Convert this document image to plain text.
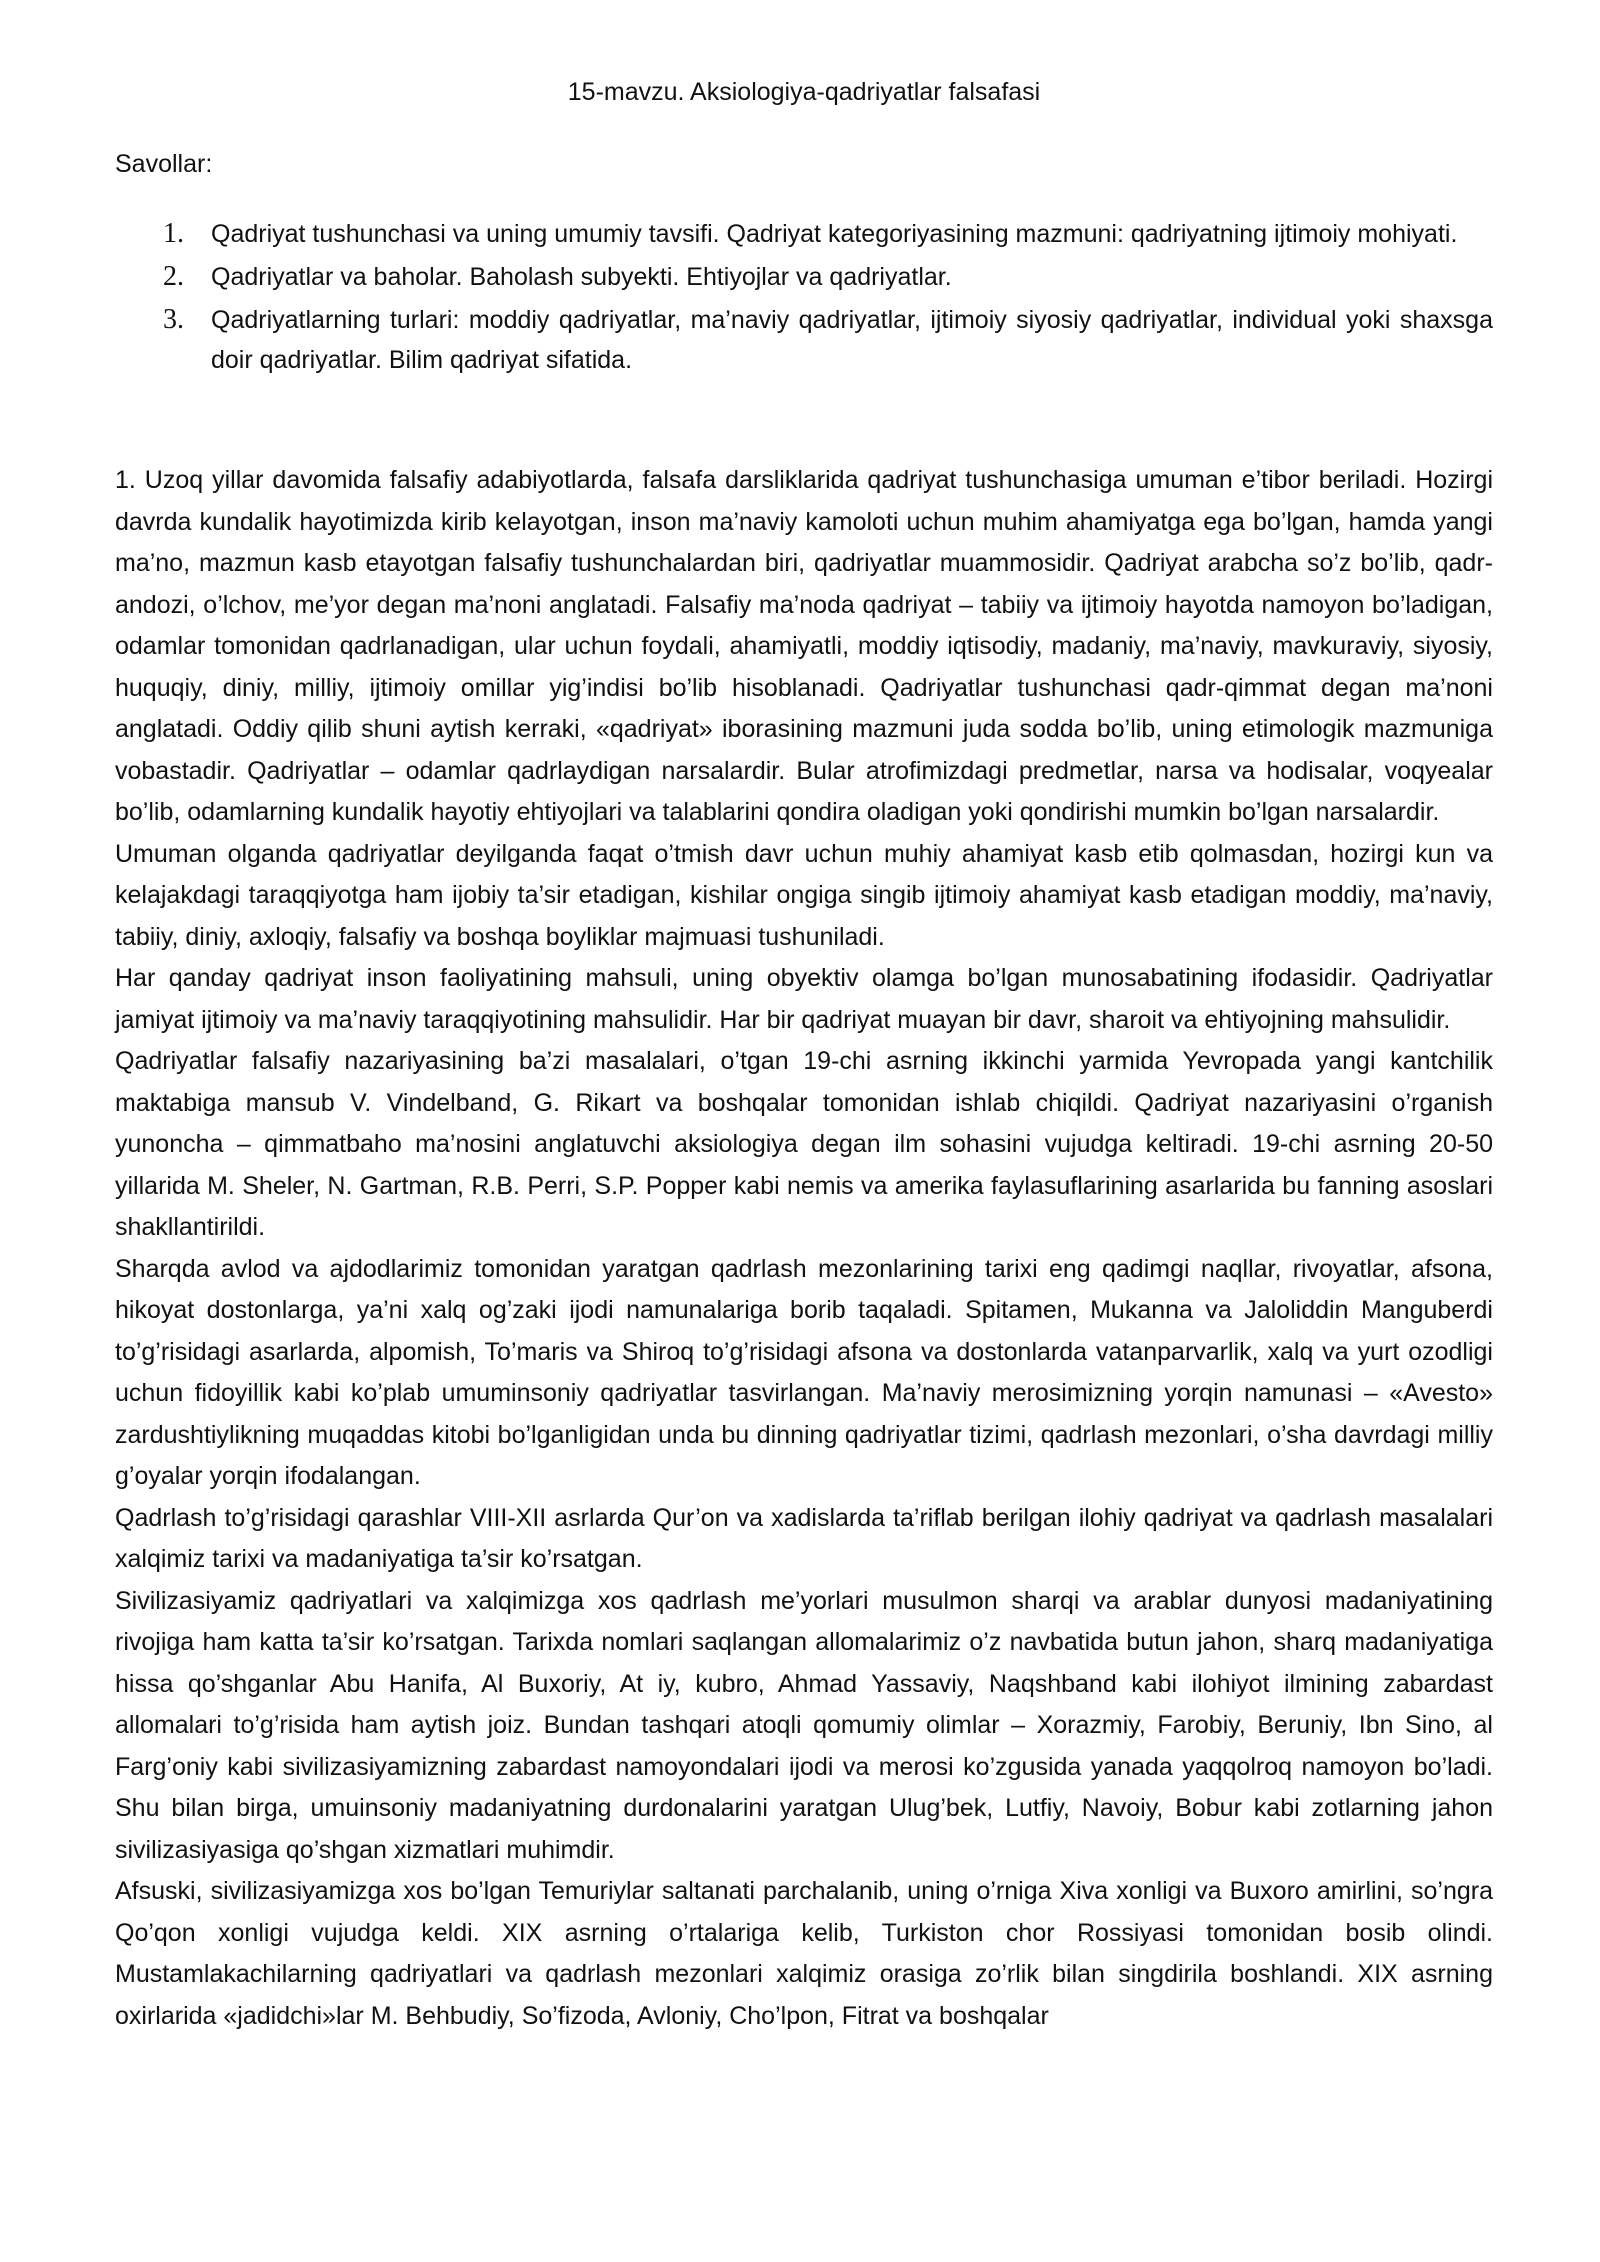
15-mavzu. Aksiologiya-qadriyatlar falsafasi
Savollar:
1. Qadriyat tushunchasi va uning umumiy tavsifi. Qadriyat kategoriyasining mazmuni: qadriyatning ijtimoiy mohiyati.
2. Qadriyatlar va baholar. Baholash subyekti. Ehtiyojlar va qadriyatlar.
3. Qadriyatlarning turlari: moddiy qadriyatlar, ma’naviy qadriyatlar, ijtimoiy siyosiy qadriyatlar, individual yoki shaxsga doir qadriyatlar. Bilim qadriyat sifatida.

1. Uzoq yillar davomida falsafiy adabiyotlarda, falsafa darsliklarida qadriyat tushunchasiga umuman e’tibor beriladi. Hozirgi davrda kundalik hayotimizda kirib kelayotgan, inson ma’naviy kamoloti uchun muhim ahamiyatga ega bo’lgan, hamda yangi ma’no, mazmun kasb etayotgan falsafiy tushunchalardan biri, qadriyatlar muammosidir. Qadriyat arabcha so’z bo’lib, qadr-andozi, o’lchov, me’yor degan ma’noni anglatadi. Falsafiy ma’noda qadriyat – tabiiy va ijtimoiy hayotda namoyon bo’ladigan, odamlar tomonidan qadrlanadigan, ular uchun foydali, ahamiyatli, moddiy iqtisodiy, madaniy, ma’naviy, mavkuraviy, siyosiy, huquqiy, diniy, milliy, ijtimoiy omillar yig’indisi bo’lib hisoblanadi. Qadriyatlar tushunchasi qadr-qimmat degan ma’noni anglatadi. Oddiy qilib shuni aytish kerraki, «qadriyat» iborasining mazmuni juda sodda bo’lib, uning etimologik mazmuniga vobastadir. Qadriyatlar – odamlar qadrlaydigan narsalardir. Bular atrofimizdagi predmetlar, narsa va hodisalar, voqyealar bo’lib, odamlarning kundalik hayotiy ehtiyojlari va talablarini qondira oladigan yoki qondirishi mumkin bo’lgan narsalardir.

Umuman olganda qadriyatlar deyilganda faqat o’tmish davr uchun muhiy ahamiyat kasb etib qolmasdan, hozirgi kun va kelajakdagi taraqqiyotga ham ijobiy ta’sir etadigan, kishilar ongiga singib ijtimoiy ahamiyat kasb etadigan moddiy, ma’naviy, tabiiy, diniy, axloqiy, falsafiy va boshqa boyliklar majmuasi tushuniladi.

Har qanday qadriyat inson faoliyatining mahsuli, uning obyektiv olamga bo’lgan munosabatining ifodasidir. Qadriyatlar jamiyat ijtimoiy va ma’naviy taraqqiyotining mahsulidir. Har bir qadriyat muayan bir davr, sharoit va ehtiyojning mahsulidir.

Qadriyatlar falsafiy nazariyasining ba’zi masalalari, o’tgan 19-chi asrning ikkinchi yarmida Yevropada yangi kantchilik maktabiga mansub V. Vindelband, G. Rikart va boshqalar tomonidan ishlab chiqildi. Qadriyat nazariyasini o’rganish yunoncha – qimmatbaho ma’nosini anglatuvchi aksiologiya degan ilm sohasini vujudga keltiradi. 19-chi asrning 20-50 yillarida M. Sheler, N. Gartman, R.B. Perri, S.P. Popper kabi nemis va amerika faylasuflarining asarlarida bu fanning asoslari shakllantirildi.

Sharqda avlod va ajdodlarimiz tomonidan yaratgan qadrlash mezonlarining tarixi eng qadimgi naqllar, rivoyatlar, afsona, hikoyat dostonlarga, ya’ni xalq og’zaki ijodi namunalariga borib taqaladi. Spitamen, Mukanna va Jaloliddin Manguberdi to’g’risidagi asarlarda, alpomish, To’maris va Shiroq to’g’risidagi afsona va dostonlarda vatanparvarlik, xalq va yurt ozodligi uchun fidoyillik kabi ko’plab umuminsoniy qadriyatlar tasvirlangan. Ma’naviy merosimizning yorqin namunasi – «Avesto» zardushtiylikning muqaddas kitobi bo’lganligidan unda bu dinning qadriyatlar tizimi, qadrlash mezonlari, o’sha davrdagi milliy g’oyalar yorqin ifodalangan.

Qadrlash to’g’risidagi qarashlar VIII-XII asrlarda Qur’on va xadislarda ta’riflab berilgan ilohiy qadriyat va qadrlash masalalari xalqimiz tarixi va madaniyatiga ta’sir ko’rsatgan.

Sivilizasiyamiz qadriyatlari va xalqimizga xos qadrlash me’yorlari musulmon sharqi va arablar dunyosi madaniyatining rivojiga ham katta ta’sir ko’rsatgan. Tarixda nomlari saqlangan allomalarimiz o’z navbatida butun jahon, sharq madaniyatiga hissa qo’shganlar Abu Hanifa, Al Buxoriy, At iy, kubro, Ahmad Yassaviy, Naqshband kabi ilohiyot ilmining zabardast allomalari to’g’risida ham aytish joiz. Bundan tashqari atoqli qomumiy olimlar – Xorazmiy, Farobiy, Beruniy, Ibn Sino, al Farg’oniy kabi sivilizasiyamizning zabardast namoyondalari ijodi va merosi ko’zgusida yanada yaqqolroq namoyon bo’ladi. Shu bilan birga, umuinsoniy madaniyatning durdonalarini yaratgan Ulug’bek, Lutfiy, Navoiy, Bobur kabi zotlarning jahon sivilizasiyasiga qo’shgan xizmatlari muhimdir.

Afsuski, sivilizasiyamizga xos bo’lgan Temuriylar saltanati parchalanib, uning o’rniga Xiva xonligi va Buxoro amirlini, so’ngra Qo’qon xonligi vujudga keldi. XIX asrning o’rtalariga kelib, Turkiston chor Rossiyasi tomonidan bosib olindi. Mustamlakachilarning qadriyatlari va qadrlash mezonlari xalqimiz orasiga zo’rlik bilan singdirila boshlandi. XIX asrning oxirlarida «jadidchi»lar M. Behbudiy, So’fizoda, Avloniy, Cho’lpon, Fitrat va boshqalar
